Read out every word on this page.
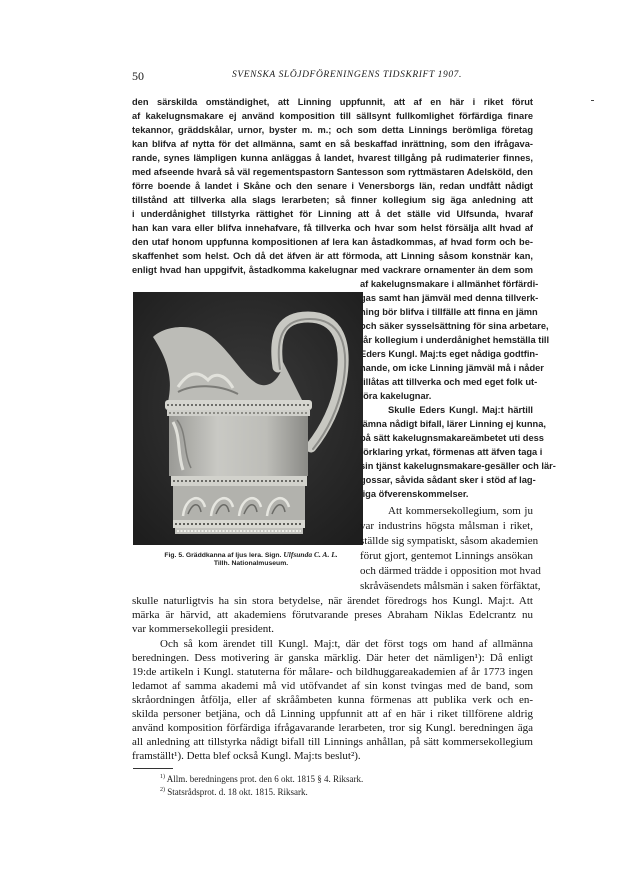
50	SVENSKA SLÖJDFÖRENINGENS TIDSKRIFT 1907.
den särskilda omständighet, att Linning uppfunnit, att af en här i riket förut
af kakelugnsmakare ej använd komposition till sällsynt fullkomlighet förfärdiga finare
tekannor, gräddskålar, urnor, byster m. m.; och som detta Linnings berömliga företag
kan blifva af nytta för det allmänna, samt en så beskaffad inrättning, som den ifrågava-
rande, synes lämpligen kunna anläggas å landet, hvarest tillgång på rudimaterier finnes,
med afseende hvarå så väl regementspastorn Santesson som ryttmästaren Adelsköld, den
förre boende å landet i Skåne och den senare i Venersborgs län, redan undfått nådigt
tillstånd att tillverka alla slags lerarbeten; så finner kollegium sig äga anledning att
i underdånighet tillstyrka rättighet för Linning att å det ställe vid Ulfsunda, hvaraf
han kan vara eller blifva innehafvare, få tillverka och hvar som helst försälja allt hvad af
den utaf honom uppfunna kompositionen af lera kan åstadkommas, af hvad form och be-
skaffenhet som helst. Och då det äfven är att förmoda, att Linning såsom konstnär kan,
enligt hvad han uppgifvit, åstadkomma kakelugnar med vackrare ornamenter än dem som
Fig. 5. Gräddkanna af ljus lera. Sign. Ulfsunda C. A. L.
Tillh. Nationalmuseum.
af kakelugnsmakare i allmänhet förfärdi-
gas samt han jämväl med denna tillverk-
ning bör blifva i tillfälle att finna en jämn
och säker sysselsättning för sina arbetare,
får kollegium i underdånighet hemställa till
Eders Kungl. Maj:ts eget nådiga godtfin-
nande, om icke Linning jämväl må i nåder
tillåtas att tillverka och med eget folk ut-
föra kakelugnar.
Skulle Eders Kungl. Maj:t härtill
lämna nådigt bifall, lärer Linning ej kunna,
på sätt kakelugnsmakareämbetet uti dess
förklaring yrkat, förmenas att äfven taga i
sin tjänst kakelugnsmakare-gesäller och lär-
gossar, såvida sådant sker i stöd af lag-
liga öfverenskommelser.
Att kommersekollegium, som ju
var industrins högsta målsman i riket,
ställde sig sympatiskt, såsom akademien
förut gjort, gentemot Linnings ansökan
och därmed trädde i opposition mot hvad
skråväsendets målsmän i saken förfäktat,
skulle naturligtvis ha sin stora betydelse, när ärendet föredrogs hos Kungl. Maj:t. Att
märka är härvid, att akademiens förutvarande preses Abraham Niklas Edelcrantz nu
var kommersekollegii president.
Och så kom ärendet till Kungl. Maj:t, där det först togs om hand af allmänna
beredningen. Dess motivering är ganska märklig. Där heter det nämligen¹): Då enligt
19:de artikeln i Kungl. statuterna för målare- och bildhuggareakademien af år 1773 ingen
ledamot af samma akademi må vid utöfvandet af sin konst tvingas med de band, som
skråordningen åtfölja, eller af skrååmbeten kunna förmenas att publika verk och en-
skilda personer betjäna, och då Linning uppfunnit att af en här i riket tillförene aldrig
använd komposition förfärdiga ifrågavarande lerarbeten, tror sig Kungl. beredningen äga
all anledning att tillstyrka nådigt bifall till Linnings anhållan, på sätt kommersekollegium
framställt¹). Detta blef också Kungl. Maj:ts beslut²).
$^{1)}$ Allm. beredningens prot. den 6 okt. 1815 § 4. Riksark.
$^{2)}$ Statsrådsprot. d. 18 okt. 1815. Riksark.
